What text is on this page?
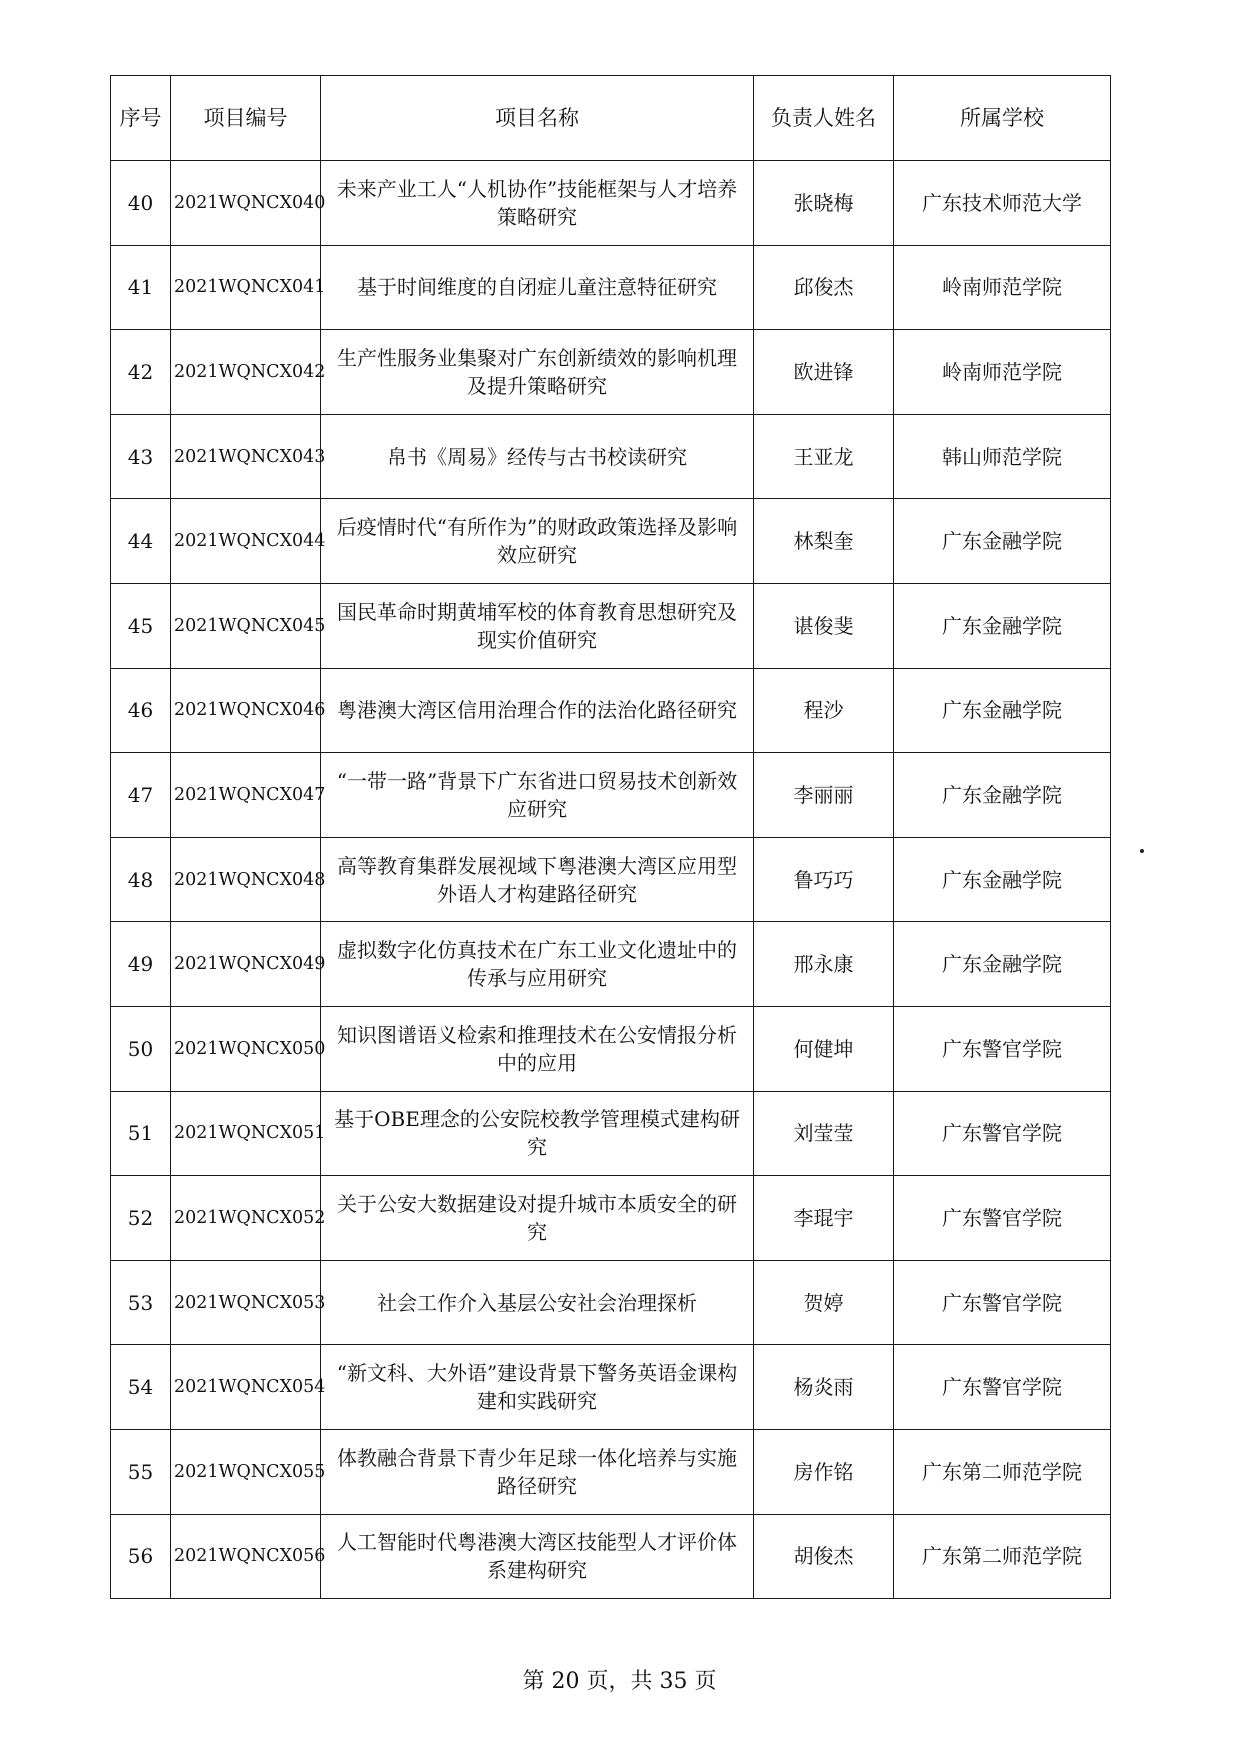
序号	项目编号	项目名称	负责人姓名	所属学校
40	2021WQNCX040	未来产业工人“人机协作”技能框架与人才培养策略研究	张晓梅	广东技术师范大学
41	2021WQNCX041	基于时间维度的自闭症儿童注意特征研究	邱俊杰	岭南师范学院
42	2021WQNCX042	生产性服务业集聚对广东创新绩效的影响机理及提升策略研究	欧进锋	岭南师范学院
43	2021WQNCX043	帛书《周易》经传与古书校读研究	王亚龙	韩山师范学院
44	2021WQNCX044	后疫情时代“有所作为”的财政政策选择及影响效应研究	林梨奎	广东金融学院
45	2021WQNCX045	国民革命时期黄埔军校的体育教育思想研究及现实价值研究	谌俊斐	广东金融学院
46	2021WQNCX046	粤港澳大湾区信用治理合作的法治化路径研究	程沙	广东金融学院
47	2021WQNCX047	“一带一路”背景下广东省进口贸易技术创新效应研究	李丽丽	广东金融学院
48	2021WQNCX048	高等教育集群发展视域下粤港澳大湾区应用型外语人才构建路径研究	鲁巧巧	广东金融学院
49	2021WQNCX049	虚拟数字化仿真技术在广东工业文化遗址中的传承与应用研究	邢永康	广东金融学院
50	2021WQNCX050	知识图谱语义检索和推理技术在公安情报分析中的应用	何健坤	广东警官学院
51	2021WQNCX051	基于OBE理念的公安院校教学管理模式建构研究	刘莹莹	广东警官学院
52	2021WQNCX052	关于公安大数据建设对提升城市本质安全的研究	李琨宇	广东警官学院
53	2021WQNCX053	社会工作介入基层公安社会治理探析	贺婷	广东警官学院
54	2021WQNCX054	“新文科、大外语”建设背景下警务英语金课构建和实践研究	杨炎雨	广东警官学院
55	2021WQNCX055	体教融合背景下青少年足球一体化培养与实施路径研究	房作铭	广东第二师范学院
56	2021WQNCX056	人工智能时代粤港澳大湾区技能型人才评价体系建构研究	胡俊杰	广东第二师范学院
第 20 页，共 35 页
